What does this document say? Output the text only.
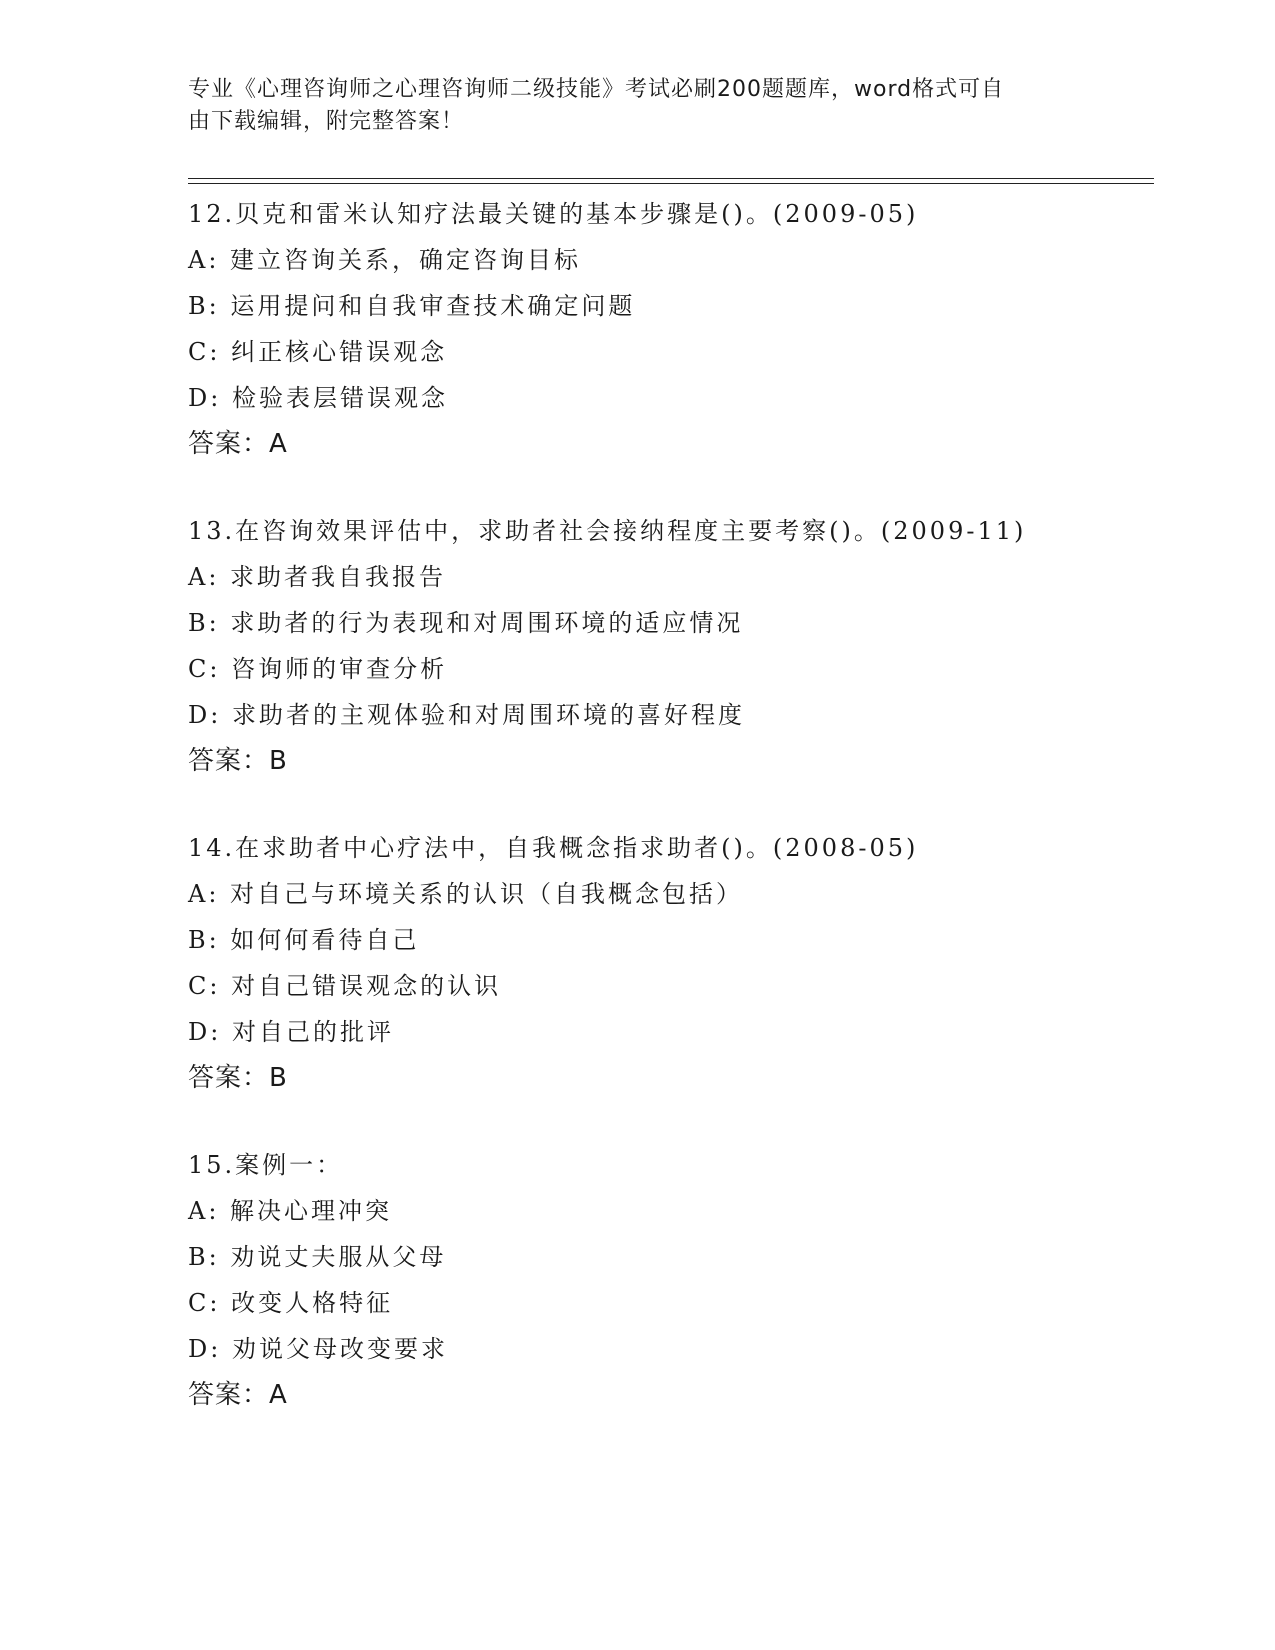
专业《心理咨询师之心理咨询师二级技能》考试必刷200题题库，word格式可自
由下载编辑，附完整答案！
12.贝克和雷米认知疗法最关键的基本步骤是()。(2009-05)
A: 建立咨询关系，确定咨询目标
B: 运用提问和自我审查技术确定问题
C: 纠正核心错误观念
D: 检验表层错误观念
答案：A
13.在咨询效果评估中，求助者社会接纳程度主要考察()。(2009-11)
A: 求助者我自我报告
B: 求助者的行为表现和对周围环境的适应情况
C: 咨询师的审查分析
D: 求助者的主观体验和对周围环境的喜好程度
答案：B
14.在求助者中心疗法中，自我概念指求助者()。(2008-05)
A: 对自己与环境关系的认识（自我概念包括）
B: 如何何看待自己
C: 对自己错误观念的认识
D: 对自己的批评
答案：B
15.案例一：
A: 解决心理冲突
B: 劝说丈夫服从父母
C: 改变人格特征
D: 劝说父母改变要求
答案：A
